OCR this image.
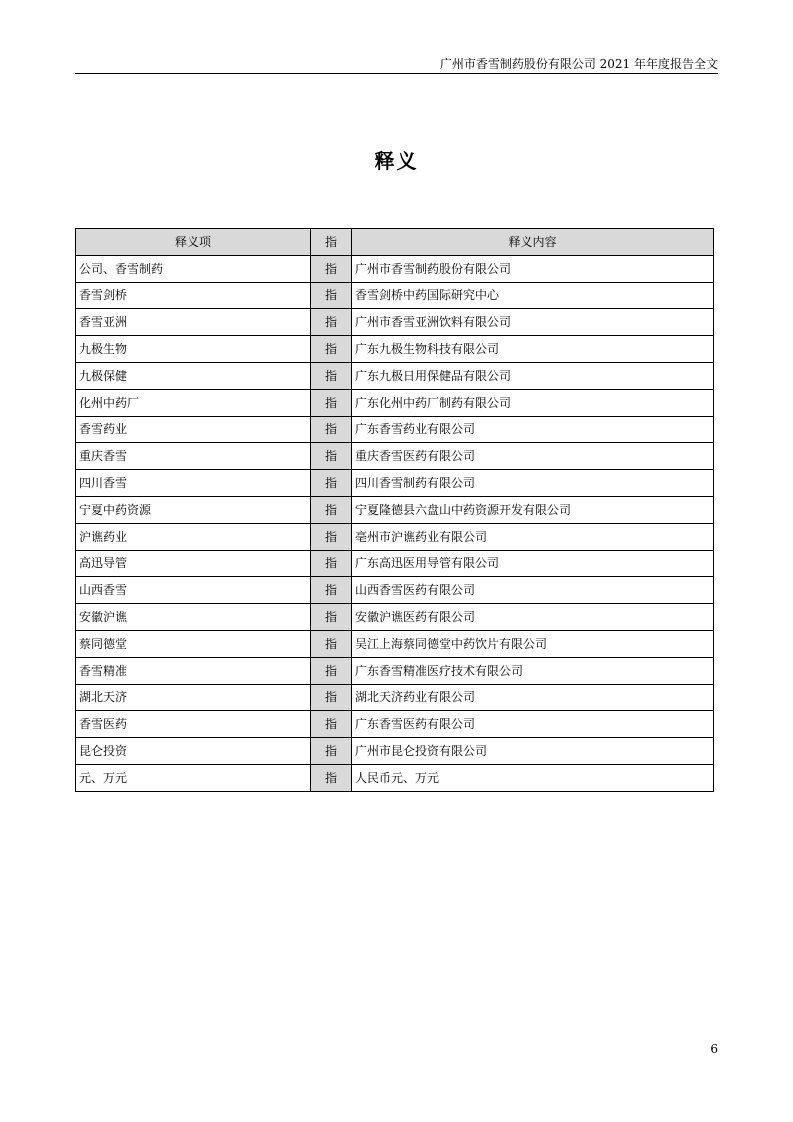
广州市香雪制药股份有限公司 2021 年年度报告全文
释义
释义项	指	释义内容
公司、香雪制药	指	广州市香雪制药股份有限公司
香雪剑桥	指	香雪剑桥中药国际研究中心
香雪亚洲	指	广州市香雪亚洲饮料有限公司
九极生物	指	广东九极生物科技有限公司
九极保健	指	广东九极日用保健品有限公司
化州中药厂	指	广东化州中药厂制药有限公司
香雪药业	指	广东香雪药业有限公司
重庆香雪	指	重庆香雪医药有限公司
四川香雪	指	四川香雪制药有限公司
宁夏中药资源	指	宁夏隆德县六盘山中药资源开发有限公司
沪谯药业	指	亳州市沪谯药业有限公司
高迅导管	指	广东高迅医用导管有限公司
山西香雪	指	山西香雪医药有限公司
安徽沪谯	指	安徽沪谯医药有限公司
蔡同德堂	指	吴江上海蔡同德堂中药饮片有限公司
香雪精准	指	广东香雪精准医疗技术有限公司
湖北天济	指	湖北天济药业有限公司
香雪医药	指	广东香雪医药有限公司
昆仑投资	指	广州市昆仑投资有限公司
元、万元	指	人民币元、万元
6
